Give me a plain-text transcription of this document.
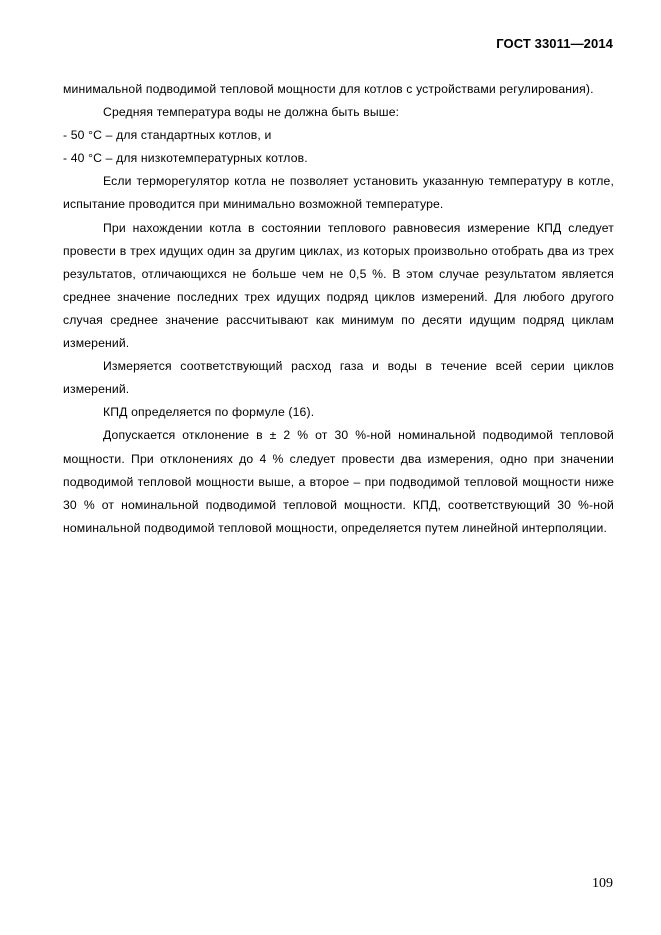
ГОСТ 33011—2014

минимальной подводимой тепловой мощности для котлов с устройствами регулирования).

Средняя температура воды не должна быть выше:

- 50 °С – для стандартных котлов, и

- 40 °С – для низкотемпературных котлов.

Если терморегулятор котла не позволяет установить указанную температуру в котле, испытание проводится при минимально возможной температуре.

При нахождении котла в состоянии теплового равновесия измерение КПД следует провести в трех идущих один за другим циклах, из которых произвольно отобрать два из трех результатов, отличающихся не больше чем не 0,5 %. В этом случае результатом является среднее значение последних трех идущих подряд циклов измерений. Для любого другого случая среднее значение рассчитывают как минимум по десяти идущим подряд циклам измерений.

Измеряется соответствующий расход газа и воды в течение всей серии циклов измерений.

КПД определяется по формуле (16).

Допускается отклонение в ± 2 % от 30 %-ной номинальной подводимой тепловой мощности. При отклонениях до 4 % следует провести два измерения, одно при значении подводимой тепловой мощности выше, а второе – при подводимой тепловой мощности ниже 30 % от номинальной подводимой тепловой мощности. КПД, соответствующий 30 %-ной номинальной подводимой тепловой мощности, определяется путем линейной интерполяции.

109
